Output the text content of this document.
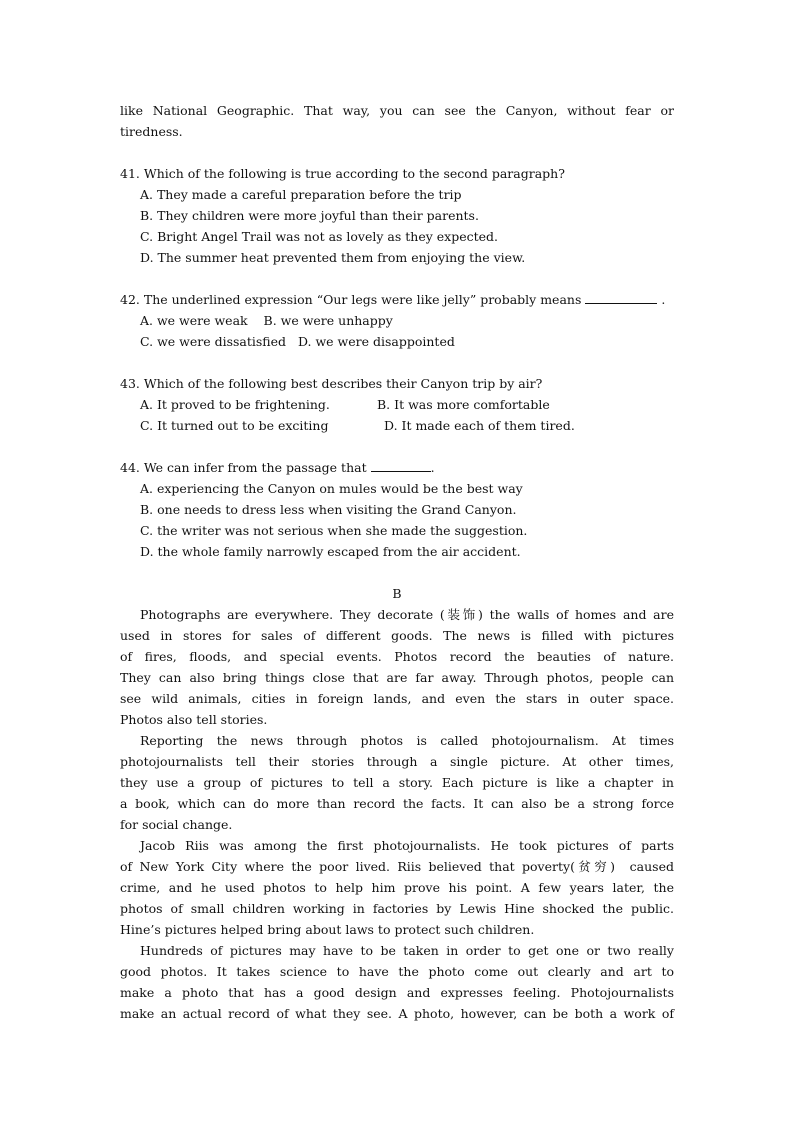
like National Geographic. That way, you can see the Canyon, without fear or
tiredness.
41. Which of the following is true according to the second paragraph?
A. They made a careful preparation before the trip
B. They children were more joyful than their parents.
C. Bright Angel Trail was not as lovely as they expected.
D. The summer heat prevented them from enjoying the view.
42. The underlined expression “Our legs were like jelly” probably means	.
A. we were weak    B. we were unhappy
C. we were dissatisfied   D. we were disappointed
43. Which of the following best describes their Canyon trip by air?
A. It proved to be frightening.	B. It was more comfortable
C. It turned out to be exciting	D. It made each of them tired.
44. We can infer from the passage that	.
A. experiencing the Canyon on mules would be the best way
B. one needs to dress less when visiting the Grand Canyon.
C. the writer was not serious when she made the suggestion.
D. the whole family narrowly escaped from the air accident.
B
Photographs are everywhere. They decorate (装饰) the walls of homes and are
used in stores for sales of different goods. The news is filled with pictures
of fires, floods, and special events. Photos record the beauties of nature.
They can also bring things close that are far away. Through photos, people can
see wild animals, cities in foreign lands, and even the stars in outer space.
Photos also tell stories.
Reporting the news through photos is called photojournalism. At times
photojournalists tell their stories through a single picture. At other times,
they use a group of pictures to tell a story. Each picture is like a chapter in
a book, which can do more than record the facts. It can also be a strong force
for social change.
Jacob Riis was among the first photojournalists. He took pictures of parts
of New York City where the poor lived. Riis believed that poverty(贫穷)  caused
crime, and he used photos to help him prove his point. A few years later, the
photos of small children working in factories by Lewis Hine shocked the public.
Hine’s pictures helped bring about laws to protect such children.
Hundreds of pictures may have to be taken in order to get one or two really
good photos. It takes science to have the photo come out clearly and art to
make a photo that has a good design and expresses feeling. Photojournalists
make an actual record of what they see. A photo, however, can be both a work of
